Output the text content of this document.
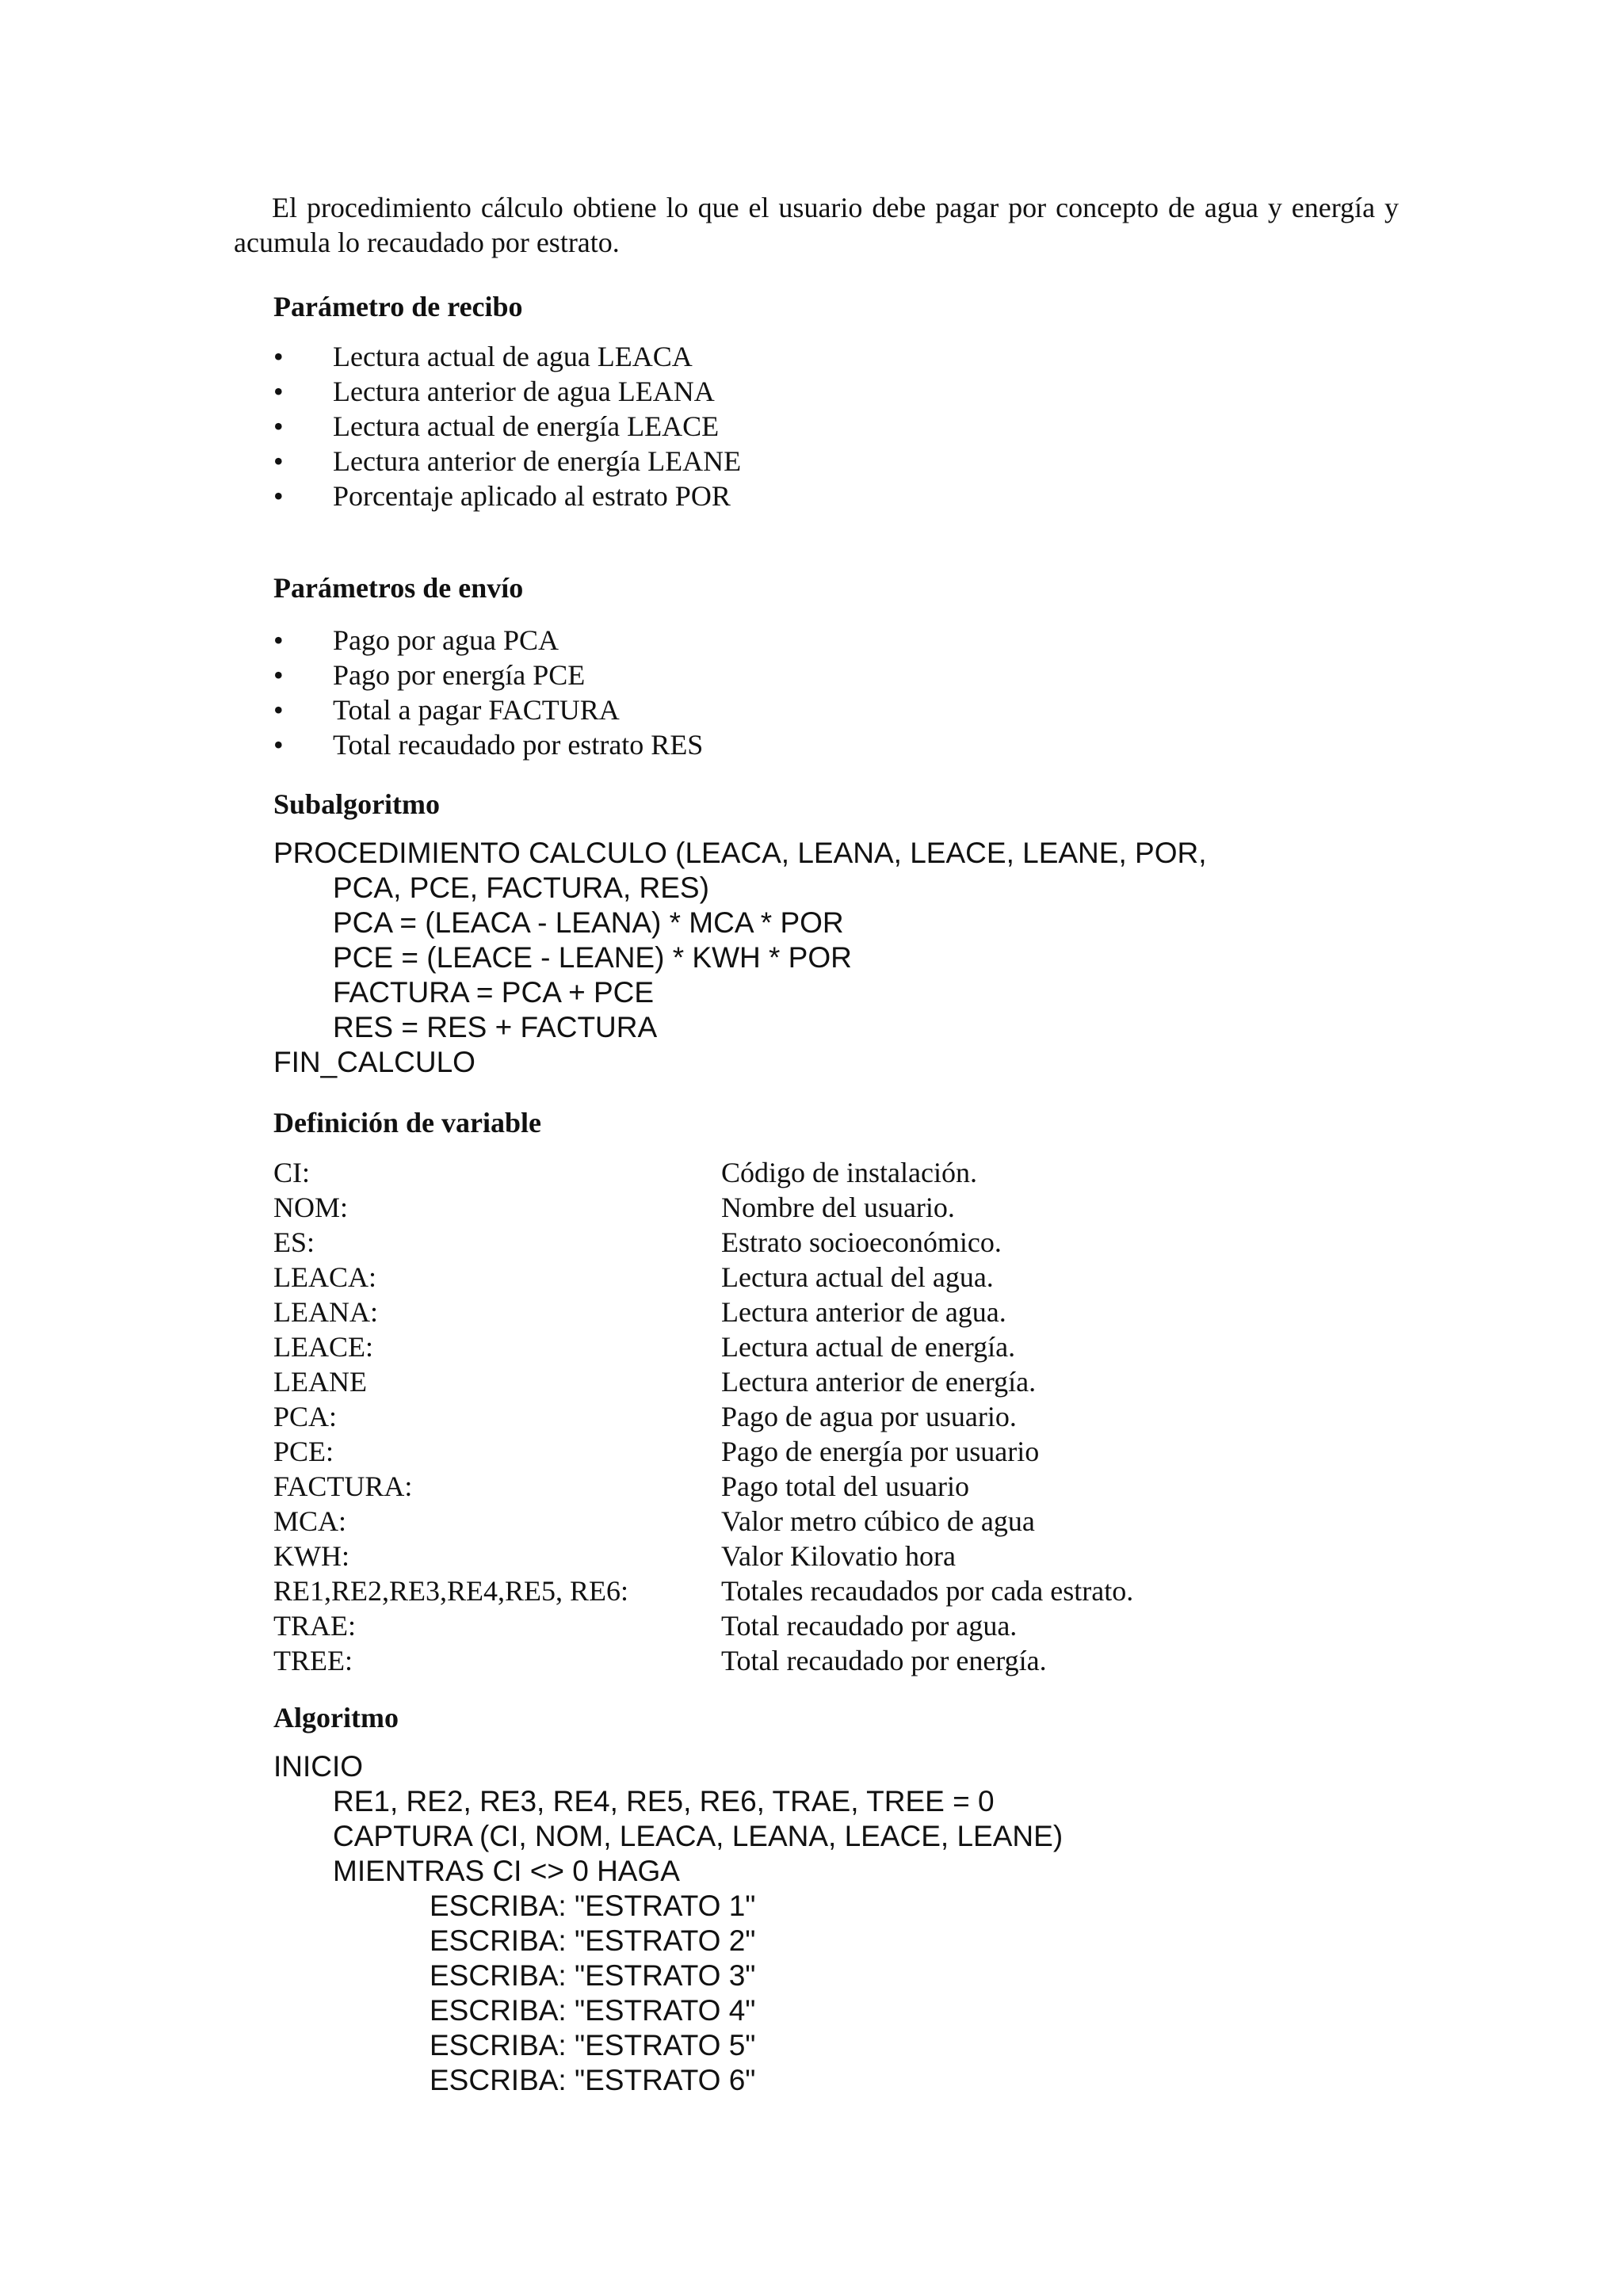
El procedimiento cálculo obtiene lo que el usuario debe pagar por concepto de agua y energía y acumula lo recaudado por estrato.

Parámetro de recibo
• Lectura actual de agua LEACA
• Lectura anterior de agua LEANA
• Lectura actual de energía LEACE
• Lectura anterior de energía LEANE
• Porcentaje aplicado al estrato POR
Parámetros de envío
• Pago por agua PCA
• Pago por energía PCE
• Total a pagar FACTURA
• Total recaudado por estrato RES
Subalgoritmo
PROCEDIMIENTO CALCULO (LEACA, LEANA, LEACE, LEANE, POR,
PCA, PCE, FACTURA, RES)
PCA = (LEACA - LEANA) * MCA * POR
PCE = (LEACE - LEANE) * KWH * POR
FACTURA = PCA + PCE
RES = RES + FACTURA
FIN_CALCULO
Definición de variable
CI:	Código de instalación.
NOM:	Nombre del usuario.
ES:	Estrato socioeconómico.
LEACA:	Lectura actual del agua.
LEANA:	Lectura anterior de agua.
LEACE:	Lectura actual de energía.
LEANE	Lectura anterior de energía.
PCA:	Pago de agua por usuario.
PCE:	Pago de energía por usuario
FACTURA:	Pago total del usuario
MCA:	Valor metro cúbico de agua
KWH:	Valor Kilovatio hora
RE1,RE2,RE3,RE4,RE5, RE6:	Totales recaudados por cada estrato.
TRAE:	Total recaudado por agua.
TREE:	Total recaudado por energía.
Algoritmo
INICIO
RE1, RE2, RE3, RE4, RE5, RE6, TRAE, TREE = 0
CAPTURA (CI, NOM, LEACA, LEANA, LEACE, LEANE)
MIENTRAS CI <> 0 HAGA
ESCRIBA: "ESTRATO 1"
ESCRIBA: "ESTRATO 2"
ESCRIBA: "ESTRATO 3"
ESCRIBA: "ESTRATO 4"
ESCRIBA: "ESTRATO 5"
ESCRIBA: "ESTRATO 6"
